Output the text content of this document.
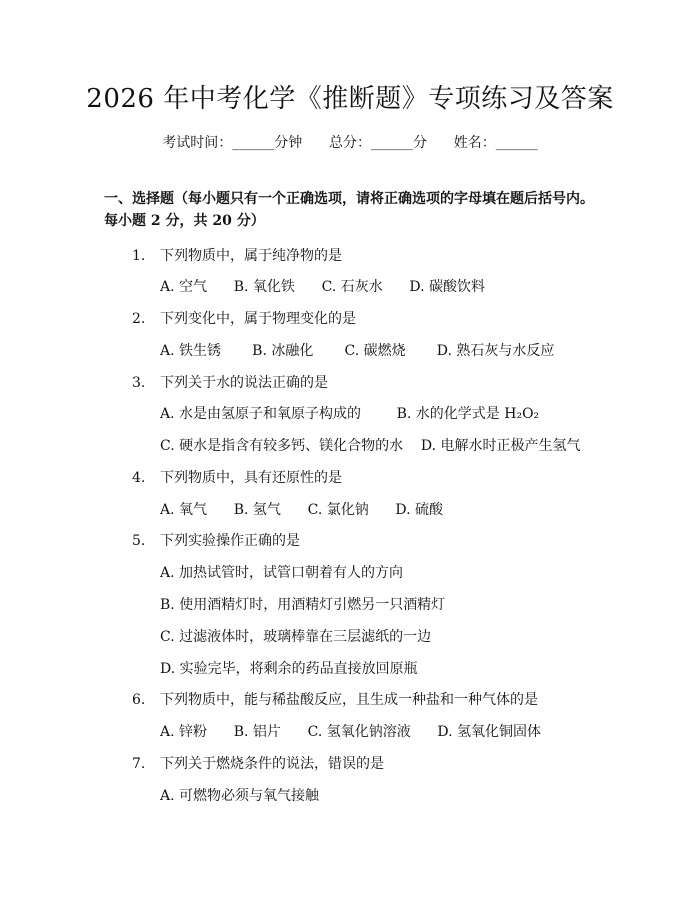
2026 年中考化学《推断题》专项练习及答案
考试时间：______分钟      总分：______分      姓名：______
一、选择题（每小题只有一个正确选项，请将正确选项的字母填在题后括号内。
每小题 2 分，共 20 分）
1. 下列物质中，属于纯净物的是
A. 空气      B. 氧化铁      C. 石灰水      D. 碳酸饮料
2. 下列变化中，属于物理变化的是
A. 铁生锈       B. 冰融化       C. 碳燃烧       D. 熟石灰与水反应
3. 下列关于水的说法正确的是
A. 水是由氢原子和氧原子构成的        B. 水的化学式是 H₂O₂
C. 硬水是指含有较多钙、镁化合物的水    D. 电解水时正极产生氢气
4. 下列物质中，具有还原性的是
A. 氧气      B. 氢气      C. 氯化钠      D. 硫酸
5. 下列实验操作正确的是
A. 加热试管时，试管口朝着有人的方向
B. 使用酒精灯时，用酒精灯引燃另一只酒精灯
C. 过滤液体时，玻璃棒靠在三层滤纸的一边
D. 实验完毕，将剩余的药品直接放回原瓶
6. 下列物质中，能与稀盐酸反应，且生成一种盐和一种气体的是
A. 锌粉      B. 铝片      C. 氢氧化钠溶液      D. 氢氧化铜固体
7. 下列关于燃烧条件的说法，错误的是
A. 可燃物必须与氧气接触
